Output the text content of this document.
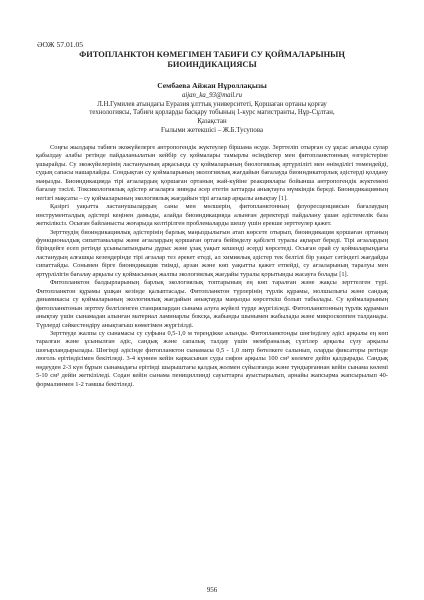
ӘОЖ 57.01.05
ФИТОПЛАНКТОН КӨМЕГІМЕН ТАБИҒИ СУ ҚОЙМАЛАРЫНЫҢ
БИОИНДИКАЦИЯСЫ
Сембаева Айжан Нұроллақызы
aijan_ka_93@mail.ru
Л.Н.Гумилев атындағы Еуразия ұлттық университеті, Қоршаған ортаны қорғау
технологиясы, Табиғи қорларды басқару тобының 1-курс магистранты, Нұр-Сұлтан,
Қазақстан
Ғылыми жетекшісі – Ж.Б.Тусупова

Соңғы жылдары табиғи экожүйелерге антропогендік жүктеулер біршама өсуде. Зерттеліп отырған су ұқсас ағынды сулар қабылдау алабы ретінде пайдаланылатын кейбір су қоймалары тамырлы өсімдіктер мен фитопланктонның өзгерістеріне ұшырайды. Су экожүйелерінің ластануының арқасында су қоймаларының биологиялық әртүрлілігі мен өнімділігі төмендейді, судың сапасы нашарлайды. Сондықтан су қоймаларының экологиялық жағдайын бағалауда биоиндикаторлық әдістерді қолдану маңызды. Биоиндикацияда тірі ағзалардың қоршаған ортаның жай-күйіне реакциялары бойынша антропогендік жүктемені бағалау тәсілі. Токсикологиялық әдістер ағзаларға зиянды әсер ететін заттарды анықтауға мүмкіндік береді. Биоиндикацияның негізгі мақсаты – су қоймаларының экологиялық жағдайын тірі ағзалар арқылы анықтау [1].

Қазіргі уақытта ластанушылардың саны мен мөлшерін, фитопланктонның флуоресценциясын бағалаудың инструменталдық әдістері кеңінен дамыды, алайда биоиндикацияда алынған деректерді пайдалану ұшан әдістемелік база жеткіліксіз. Осыған байланысты жоғарыда келтірілген проблемаларды шешу үшін ерекше зерттеулер қажет.

Зерттеудің биоиндикациялық әдістерінің барлық маңыздылығын атап көрсете отырып, биоиндикация қоршаған ортаның функционалдық сипаттамалары және ағзалардың қоршаған ортаға бейімделу қабілеті туралы ақпарат береді. Тірі ағзалардың біріндейге есеп ретінде ұсынылатындығы дұрыс және ұзақ уақыт кешенді әсерді көрсетеді. Осыған орай су қоймаларындағы ластанудың алғашқы кезеңдерінде тірі ағзалар тез әрекет етеді, ал химиялық әдістер тек белгілі бір уақыт сәтіндегі жағдайды сипаттайды. Сонымен бірге биоиндикация тиімді, арзан және көп уақытты қажет етпейді, су ағзаларының таралуы мен әртүрлілігін бағалау арқылы су қоймасының жалпы экологиялық жағдайы туралы қорытынды жасауға болады [1].

Фитопланктон балдырларының барлық экологиялық топтарының ең көп таралған және жақсы зерттелген түрі. Фитопланктон құрамы ұшқан кезінде қалыптасады. Фитопланктон түрлерінің түрлік құрамы, молшылығы және сандық динамикасы су қоймаларының экологиялық жағдайын анықтауда маңызды көрсеткіш болып табылады. Су қоймаларының фитопланктонын зерттеу белгіленген станциялардан сынама алуға жүйелі түрде жүргізіледі. Фитопланктонның түрлік құрамын анықтау үшін сынамадан алынған материал ламинарлы боксқа, жабынды шынымен жабылады және микроскоппен талданады. Түрлерді сәйкестендіру анықтағыш көмегімен жүргізілді.

Зерттеуде жалпы су сынамасы су суфына 0,5-1,0 м тереңдікке алынды. Фитопланктонды шөгінділеу әдісі арқылы ең көп таралған және ұсынылған әдіс, сандық және сапалық талдау үшін мембраналық сүзгілер арқылы сүзу арқылы шоғырландырылады. Шөгінді әдісінде фитопланктон сынамасы 0,5 - 1,0 литр бөтелкеге салынып, оларды фиксаторы ретінде люголь ерітіндісімен бекітіледі. 3-4 күннен кейін каркасынан суды сифон арқылы 100 см³ көлемге дейін қалдырады. Сандық өңдеуден 2-3 күн бұрын сынамадағы ерітінді шырыштағы қалдық жолмен сүйылғанда және түндырғаннан кейін сынама көлемі 5-10 см³ дейін жеткізіледі. Содан кейін сынама пенициллинді сауыттарға ауыстырылып, арнайы жапсырма жапсырылып 40-формалинмен 1-2 тамшы бекітіледі.

956
